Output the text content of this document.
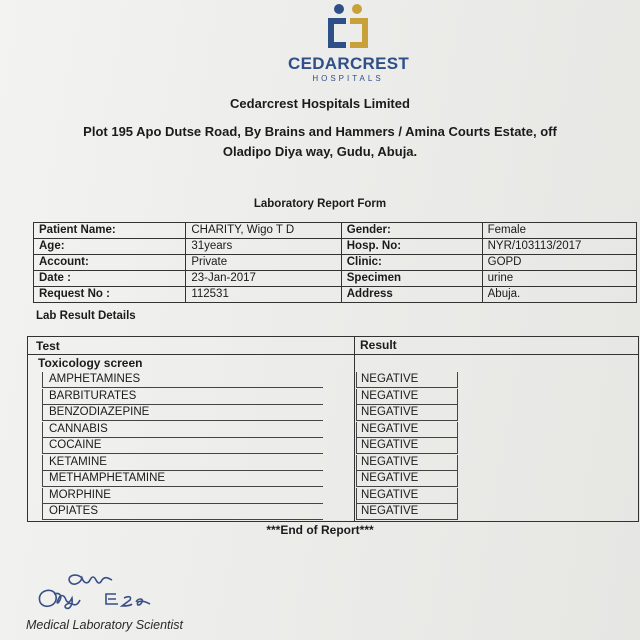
CEDARCREST
HOSPITALS
Cedarcrest Hospitals Limited
Plot 195 Apo Dutse Road, By Brains and Hammers / Amina Courts Estate, off
Oladipo Diya way, Gudu, Abuja.
Laboratory Report Form
Patient Name:	CHARITY, Wigo T D	Gender:	Female
Age:	31years	Hosp. No:	NYR/103113/2017
Account:	Private	Clinic:	GOPD
Date :	23-Jan-2017	Specimen	urine
Request No :	112531	Address	Abuja.
Lab Result Details
Test	Result
Toxicology screen
AMPHETAMINES	NEGATIVE
BARBITURATES	NEGATIVE
BENZODIAZEPINE	NEGATIVE
CANNABIS	NEGATIVE
COCAINE	NEGATIVE
KETAMINE	NEGATIVE
METHAMPHETAMINE	NEGATIVE
MORPHINE	NEGATIVE
OPIATES	NEGATIVE
***End of Report***
Medical Laboratory Scientist
